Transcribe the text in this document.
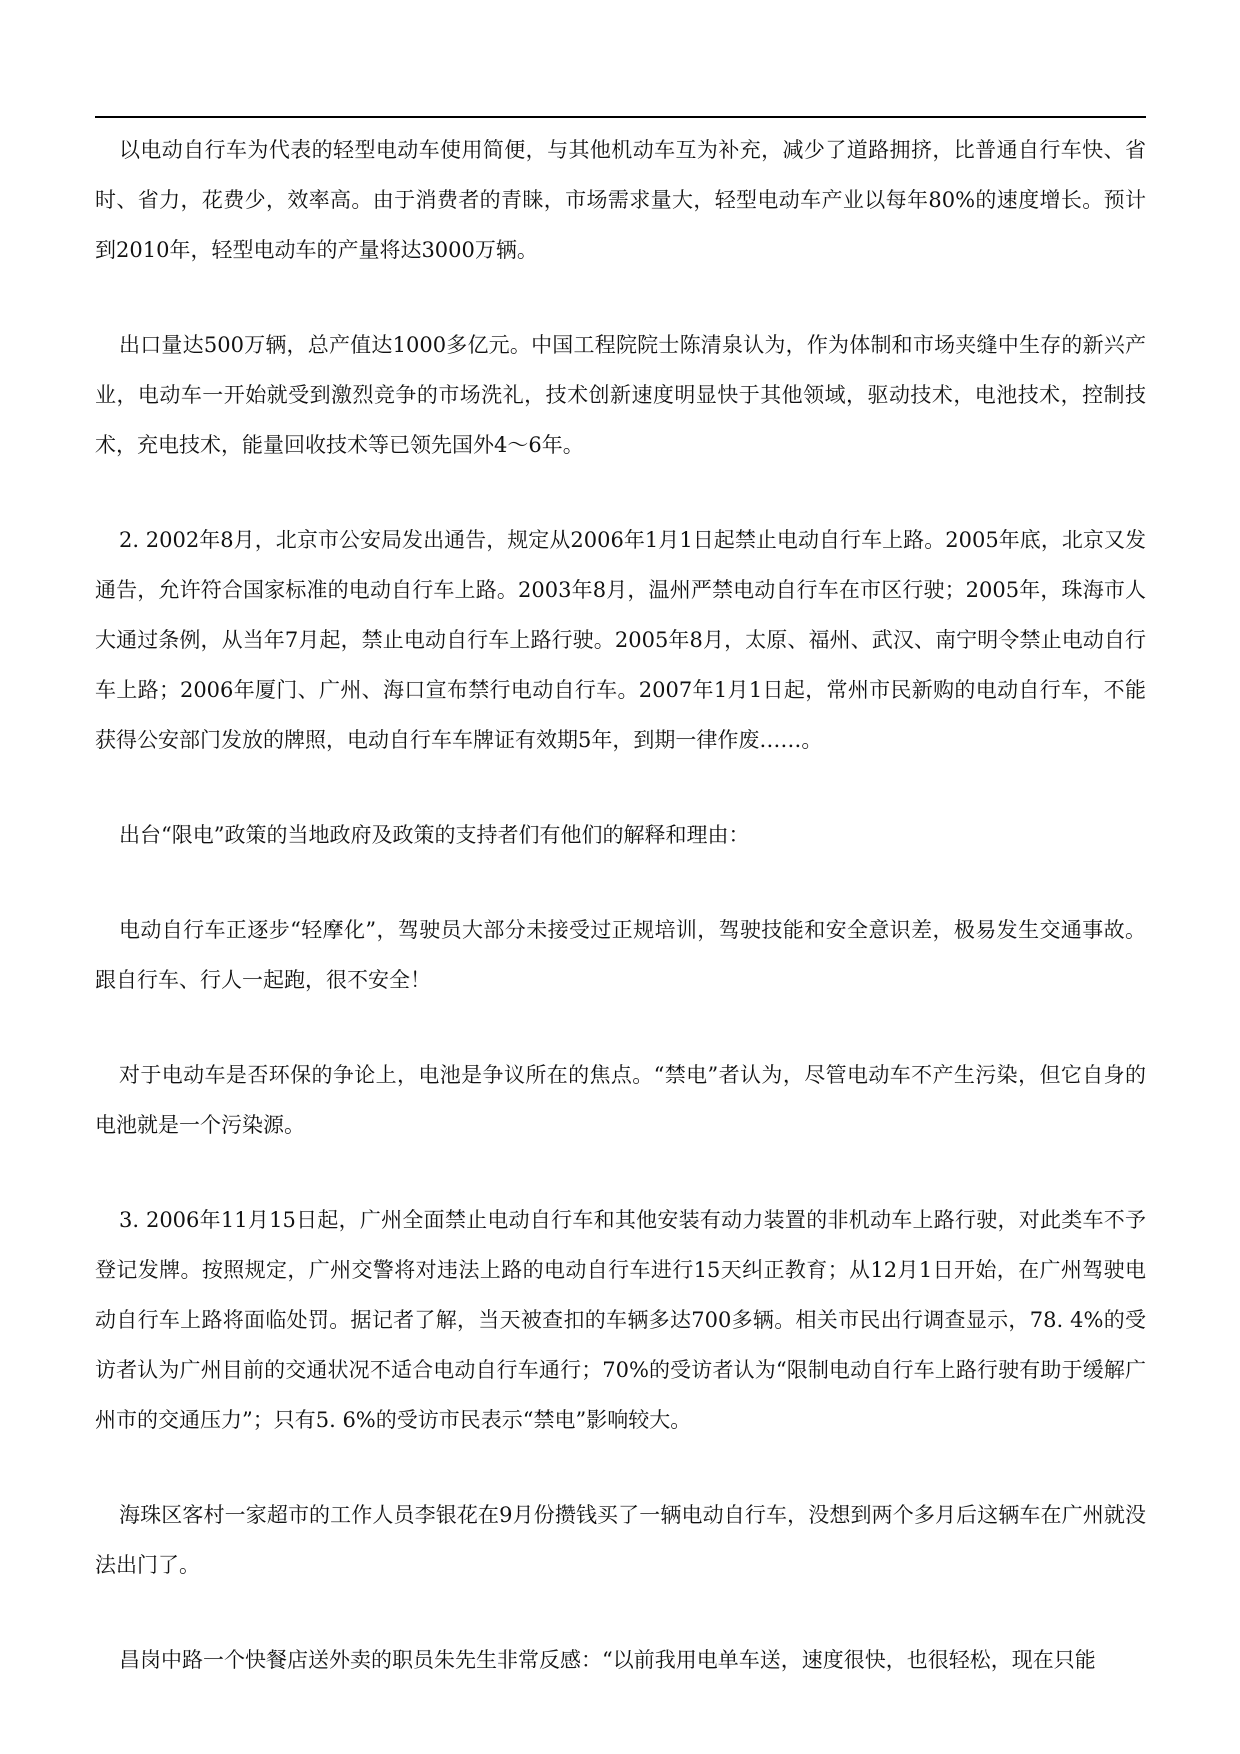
以电动自行车为代表的轻型电动车使用简便，与其他机动车互为补充，减少了道路拥挤，比普通自行车快、省时、省力，花费少，效率高。由于消费者的青睐，市场需求量大，轻型电动车产业以每年80%的速度增长。预计到2010年，轻型电动车的产量将达3000万辆。

出口量达500万辆，总产值达1000多亿元。中国工程院院士陈清泉认为，作为体制和市场夹缝中生存的新兴产业，电动车一开始就受到激烈竞争的市场洗礼，技术创新速度明显快于其他领域，驱动技术，电池技术，控制技术，充电技术，能量回收技术等已领先国外4～6年。

2. 2002年8月，北京市公安局发出通告，规定从2006年1月1日起禁止电动自行车上路。2005年底，北京又发通告，允许符合国家标准的电动自行车上路。2003年8月，温州严禁电动自行车在市区行驶；2005年，珠海市人大通过条例，从当年7月起，禁止电动自行车上路行驶。2005年8月，太原、福州、武汉、南宁明令禁止电动自行车上路；2006年厦门、广州、海口宣布禁行电动自行车。2007年1月1日起，常州市民新购的电动自行车，不能获得公安部门发放的牌照，电动自行车车牌证有效期5年，到期一律作废……。

出台“限电”政策的当地政府及政策的支持者们有他们的解释和理由：

电动自行车正逐步“轻摩化”，驾驶员大部分未接受过正规培训，驾驶技能和安全意识差，极易发生交通事故。跟自行车、行人一起跑，很不安全！

对于电动车是否环保的争论上，电池是争议所在的焦点。“禁电”者认为，尽管电动车不产生污染，但它自身的电池就是一个污染源。

3. 2006年11月15日起，广州全面禁止电动自行车和其他安装有动力装置的非机动车上路行驶，对此类车不予登记发牌。按照规定，广州交警将对违法上路的电动自行车进行15天纠正教育；从12月1日开始，在广州驾驶电动自行车上路将面临处罚。据记者了解，当天被查扣的车辆多达700多辆。相关市民出行调查显示，78. 4%的受访者认为广州目前的交通状况不适合电动自行车通行；70%的受访者认为“限制电动自行车上路行驶有助于缓解广州市的交通压力”；只有5. 6%的受访市民表示“禁电”影响较大。

海珠区客村一家超市的工作人员李银花在9月份攒钱买了一辆电动自行车，没想到两个多月后这辆车在广州就没法出门了。

昌岗中路一个快餐店送外卖的职员朱先生非常反感：“以前我用电单车送，速度很快，也很轻松，现在只能
